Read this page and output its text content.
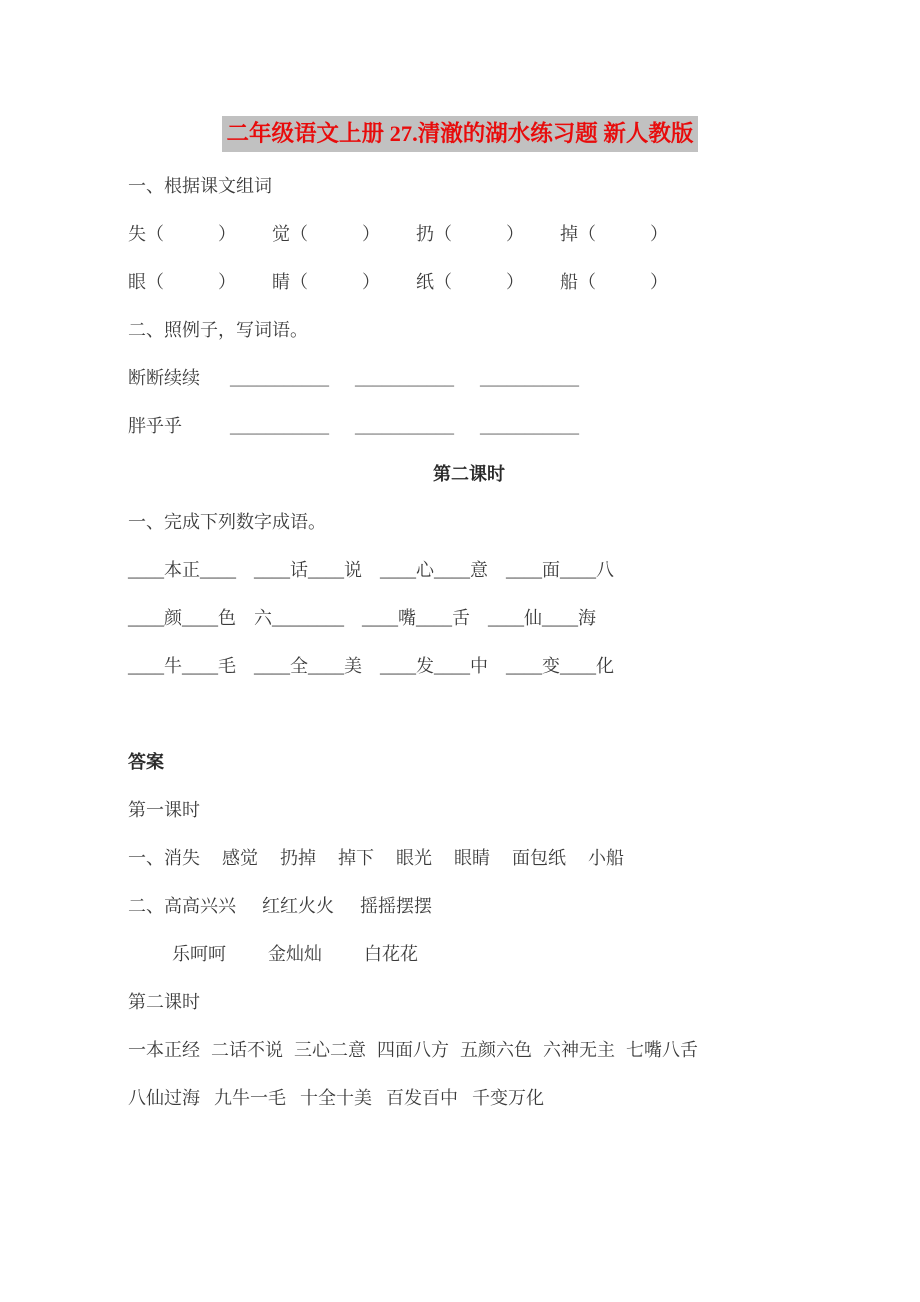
二年级语文上册 27.清澈的湖水练习题 新人教版
一、根据课文组词
失（　　　） 觉（　　　） 扔（　　　） 掉（　　　）
眼（　　　） 睛（　　　） 纸（　　　） 船（　　　）
二、照例子，写词语。
断断续续	___________ ___________ ___________
胖乎乎	___________ ___________ ___________
第二课时
一、完成下列数字成语。
____本正____ ____话____说 ____心____意 ____面____八
____颜____色 六________ ____嘴____舌 ____仙____海
____牛____毛 ____全____美 ____发____中 ____变____化
答案
第一课时
一、消失 感觉 扔掉 掉下 眼光 眼睛 面包纸 小船
二、高高兴兴 红红火火 摇摇摆摆
乐呵呵 金灿灿 白花花
第二课时
一本正经 二话不说 三心二意 四面八方 五颜六色 六神无主 七嘴八舌
八仙过海 九牛一毛 十全十美 百发百中 千变万化
